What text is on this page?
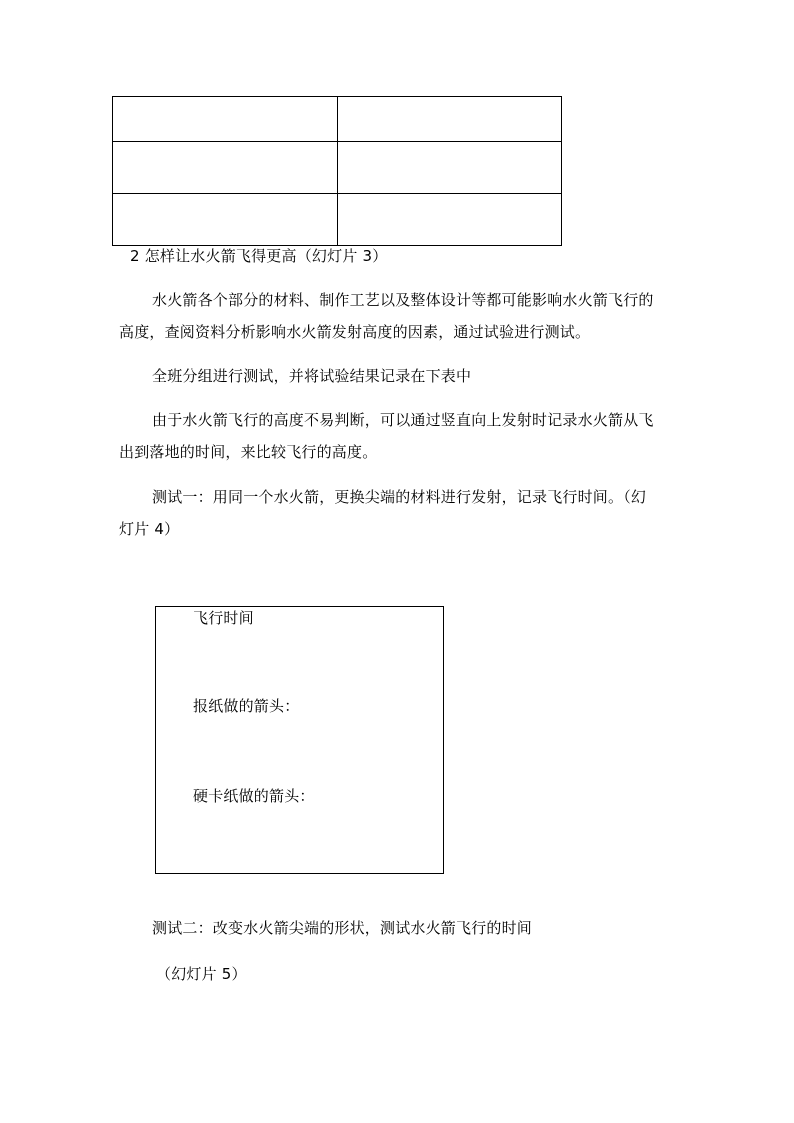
2 怎样让水火箭飞得更高（幻灯片 3）
水火箭各个部分的材料、制作工艺以及整体设计等都可能影响水火箭飞行的
高度，查阅资料分析影响水火箭发射高度的因素，通过试验进行测试。
全班分组进行测试，并将试验结果记录在下表中
由于水火箭飞行的高度不易判断，可以通过竖直向上发射时记录水火箭从飞
出到落地的时间，来比较飞行的高度。
测试一：用同一个水火箭，更换尖端的材料进行发射，记录飞行时间。（幻
灯片 4）
飞行时间
报纸做的箭头：
硬卡纸做的箭头：
测试二：改变水火箭尖端的形状，测试水火箭飞行的时间
（幻灯片 5）
